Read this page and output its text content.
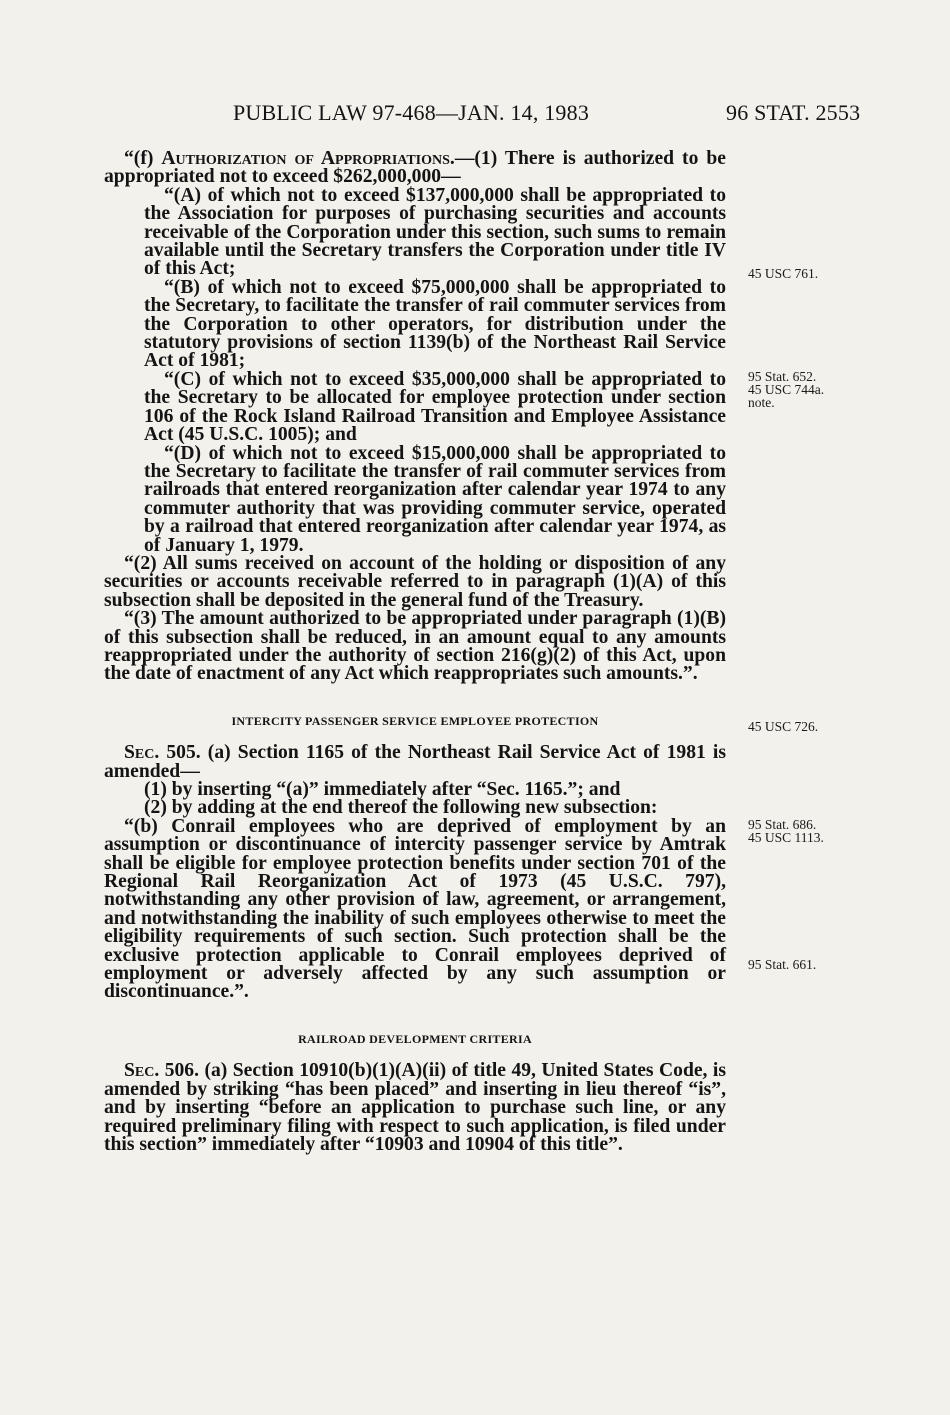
PUBLIC LAW 97-468—JAN. 14, 1983	96 STAT. 2553

“(f) Authorization of Appropriations.—(1) There is authorized to be appropriated not to exceed $262,000,000—

“(A) of which not to exceed $137,000,000 shall be appropriated to the Association for purposes of purchasing securities and accounts receivable of the Corporation under this section, such sums to remain available until the Secretary transfers the Corporation under title IV of this Act;

“(B) of which not to exceed $75,000,000 shall be appropriated to the Secretary, to facilitate the transfer of rail commuter services from the Corporation to other operators, for distribution under the statutory provisions of section 1139(b) of the Northeast Rail Service Act of 1981;

“(C) of which not to exceed $35,000,000 shall be appropriated to the Secretary to be allocated for employee protection under section 106 of the Rock Island Railroad Transition and Employee Assistance Act (45 U.S.C. 1005); and

“(D) of which not to exceed $15,000,000 shall be appropriated to the Secretary to facilitate the transfer of rail commuter services from railroads that entered reorganization after calendar year 1974 to any commuter authority that was providing commuter service, operated by a railroad that entered reorganization after calendar year 1974, as of January 1, 1979.

“(2) All sums received on account of the holding or disposition of any securities or accounts receivable referred to in paragraph (1)(A) of this subsection shall be deposited in the general fund of the Treasury.

“(3) The amount authorized to be appropriated under paragraph (1)(B) of this subsection shall be reduced, in an amount equal to any amounts reappropriated under the authority of section 216(g)(2) of this Act, upon the date of enactment of any Act which reappropriates such amounts.”.

INTERCITY PASSENGER SERVICE EMPLOYEE PROTECTION

Sec. 505. (a) Section 1165 of the Northeast Rail Service Act of 1981 is amended—

(1) by inserting “(a)” immediately after “Sec. 1165.”; and

(2) by adding at the end thereof the following new subsection:

“(b) Conrail employees who are deprived of employment by an assumption or discontinuance of intercity passenger service by Amtrak shall be eligible for employee protection benefits under section 701 of the Regional Rail Reorganization Act of 1973 (45 U.S.C. 797), notwithstanding any other provision of law, agreement, or arrangement, and notwithstanding the inability of such employees otherwise to meet the eligibility requirements of such section. Such protection shall be the exclusive protection applicable to Conrail employees deprived of employment or adversely affected by any such assumption or discontinuance.”.

RAILROAD DEVELOPMENT CRITERIA

Sec. 506. (a) Section 10910(b)(1)(A)(ii) of title 49, United States Code, is amended by striking “has been placed” and inserting in lieu thereof “is”, and by inserting “before an application to purchase such line, or any required preliminary filing with respect to such application, is filed under this section” immediately after “10903 and 10904 of this title”.

45 USC 761.
95 Stat. 652.
45 USC 744a.
note.
45 USC 726.
95 Stat. 686.
45 USC 1113.
95 Stat. 661.
